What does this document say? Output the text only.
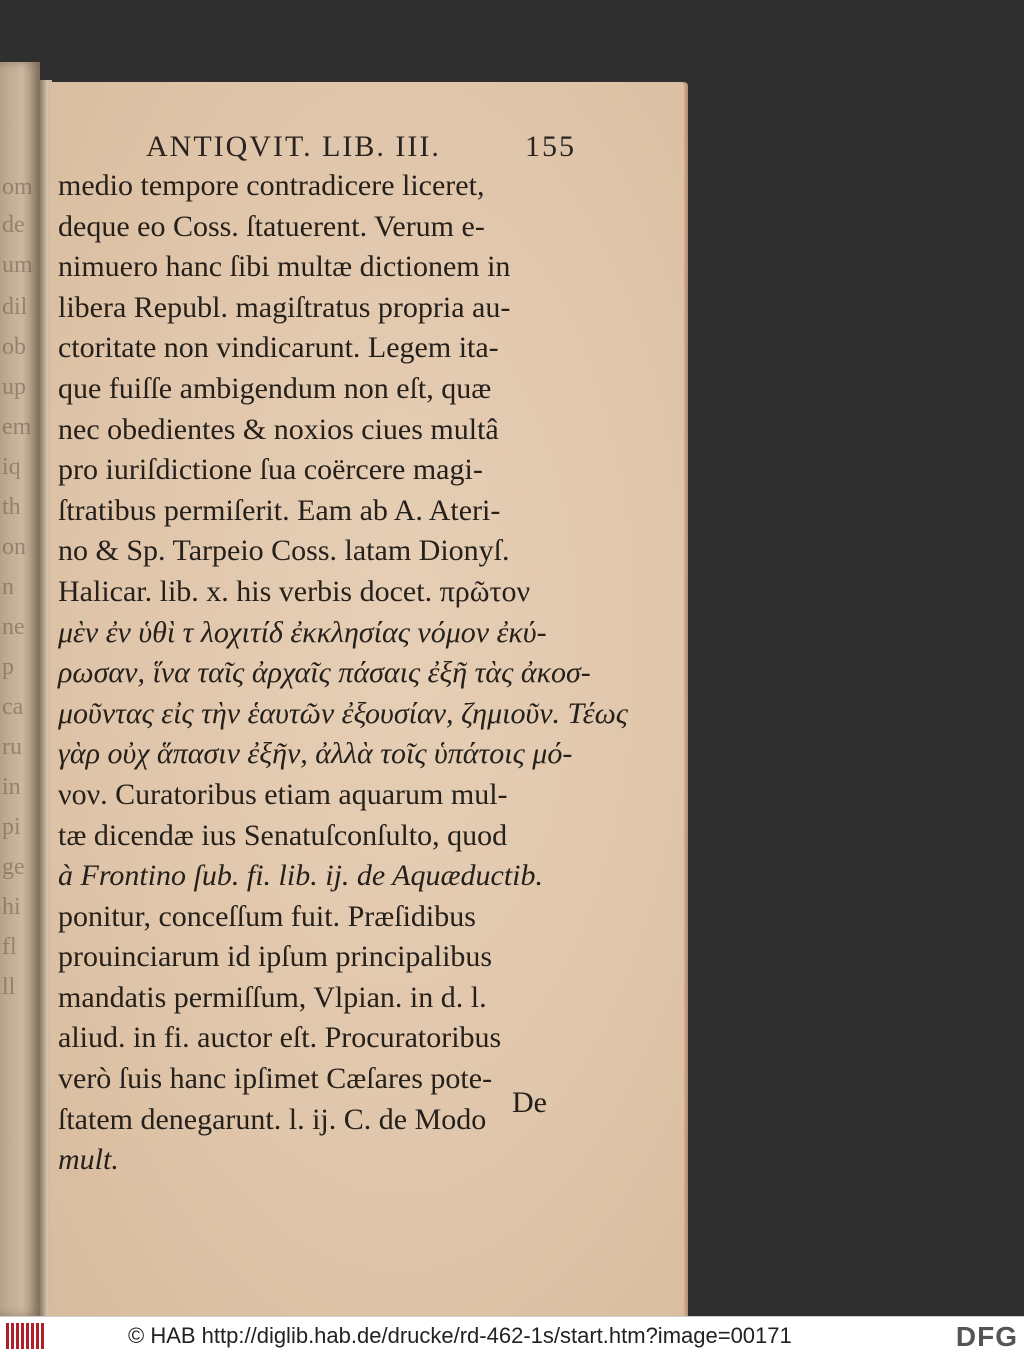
om
de
um
dil
ob
up
em
iq
th
on
n
ne
p
ca
ru
in
pi
ge
hi
fl
ll
ANTIQVIT. LIB. III.	155
medio tempore contradicere liceret,
deque eo Coss. ſtatuerent. Verum e-
nimuero hanc ſibi multæ dictionem in
libera Republ. magiſtratus propria au-
ctoritate non vindicarunt. Legem ita-
que fuiſſe ambigendum non eſt, quæ
nec obedientes & noxios ciues multâ
pro iuriſdictione ſua coërcere magi-
ſtratibus permiſerit. Eam ab A. Ateri-
no & Sp. Tarpeio Coss. latam Dionyſ.
Halicar. lib. x. his verbis docet. πρῶτον
μὲν ἐν ὑθὶ τ λοχιτίδ ἐκκλησίας νόμον ἐκύ-
ρωσαν, ἵνα ταῖς ἀρχαῖς πάσαις ἐξῆ τὰς ἀκοσ-
μοῦντας εἰς τὴν ἑαυτῶν ἐξουσίαν, ζημιοῦν. Τέως
γὰρ οὐχ ἅπασιν ἐξῆν, ἀλλὰ τοῖς ὑπάτοις μό-
νον. Curatoribus etiam aquarum mul-
tæ dicendæ ius Senatuſconſulto, quod
à Frontino ſub. fi. lib. ij. de Aquæductib.
ponitur, conceſſum fuit. Præſidibus
prouinciarum id ipſum principalibus
mandatis permiſſum, Vlpian. in d. l.
aliud. in fi. auctor eſt. Procuratoribus
verò ſuis hanc ipſimet Cæſares pote-
ſtatem denegarunt. l. ij. C. de Modo
mult.
De
© HAB http://diglib.hab.de/drucke/rd-462-1s/start.htm?image=00171	DFG
